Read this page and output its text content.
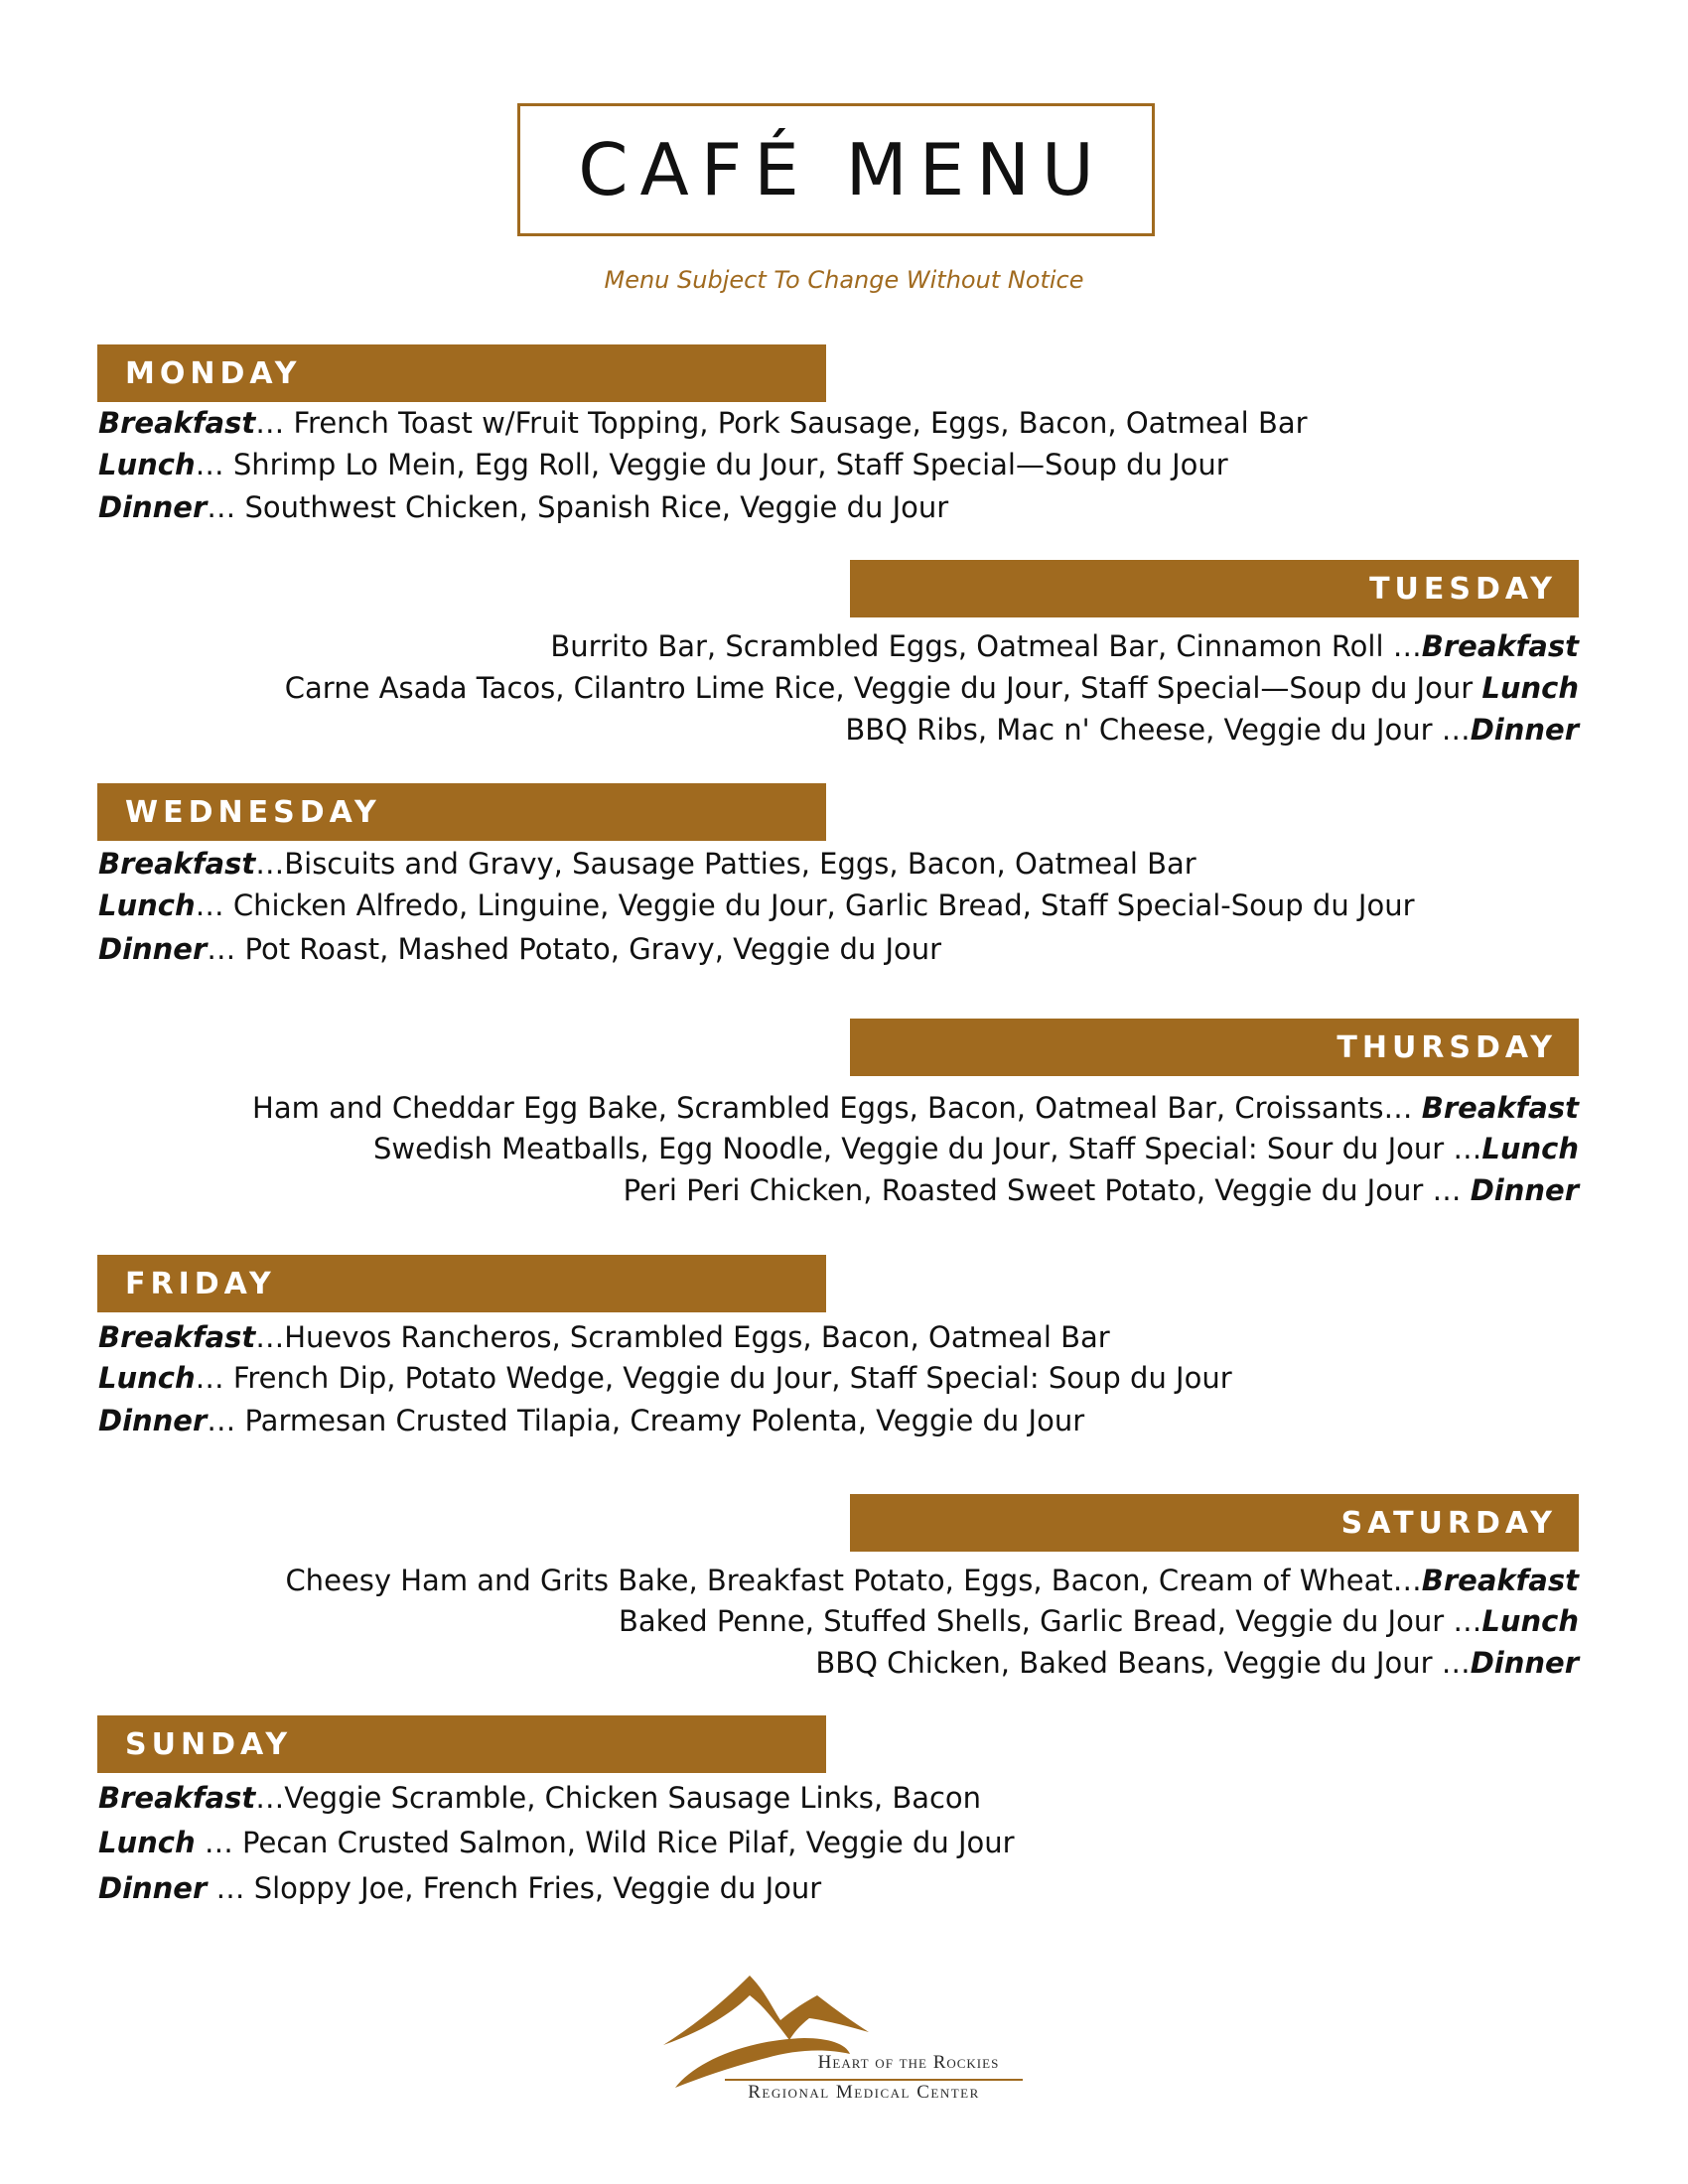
CAFÉ MENU
Menu Subject To Change Without Notice
MONDAY
Breakfast… French Toast w/Fruit Topping, Pork Sausage, Eggs, Bacon, Oatmeal Bar
Lunch… Shrimp Lo Mein, Egg Roll, Veggie du Jour, Staff Special—Soup du Jour
Dinner… Southwest Chicken, Spanish Rice, Veggie du Jour
TUESDAY
Burrito Bar, Scrambled Eggs, Oatmeal Bar, Cinnamon Roll …Breakfast
Carne Asada Tacos, Cilantro Lime Rice, Veggie du Jour, Staff Special—Soup du Jour Lunch
BBQ Ribs, Mac n' Cheese, Veggie du Jour …Dinner
WEDNESDAY
Breakfast…Biscuits and Gravy, Sausage Patties, Eggs, Bacon, Oatmeal Bar
Lunch… Chicken Alfredo, Linguine, Veggie du Jour, Garlic Bread, Staff Special-Soup du Jour
Dinner… Pot Roast, Mashed Potato, Gravy, Veggie du Jour
THURSDAY
Ham and Cheddar Egg Bake, Scrambled Eggs, Bacon, Oatmeal Bar, Croissants… Breakfast
Swedish Meatballs, Egg Noodle, Veggie du Jour, Staff Special: Sour du Jour …Lunch
Peri Peri Chicken, Roasted Sweet Potato, Veggie du Jour … Dinner
FRIDAY
Breakfast…Huevos Rancheros, Scrambled Eggs, Bacon, Oatmeal Bar
Lunch… French Dip, Potato Wedge, Veggie du Jour, Staff Special: Soup du Jour
Dinner… Parmesan Crusted Tilapia, Creamy Polenta, Veggie du Jour
SATURDAY
Cheesy Ham and Grits Bake, Breakfast Potato, Eggs, Bacon, Cream of Wheat…Breakfast
Baked Penne, Stuffed Shells, Garlic Bread, Veggie du Jour …Lunch
BBQ Chicken, Baked Beans, Veggie du Jour …Dinner
SUNDAY
Breakfast…Veggie Scramble, Chicken Sausage Links, Bacon
Lunch … Pecan Crusted Salmon, Wild Rice Pilaf, Veggie du Jour
Dinner … Sloppy Joe, French Fries, Veggie du Jour
Heart of the Rockies
Regional Medical Center
